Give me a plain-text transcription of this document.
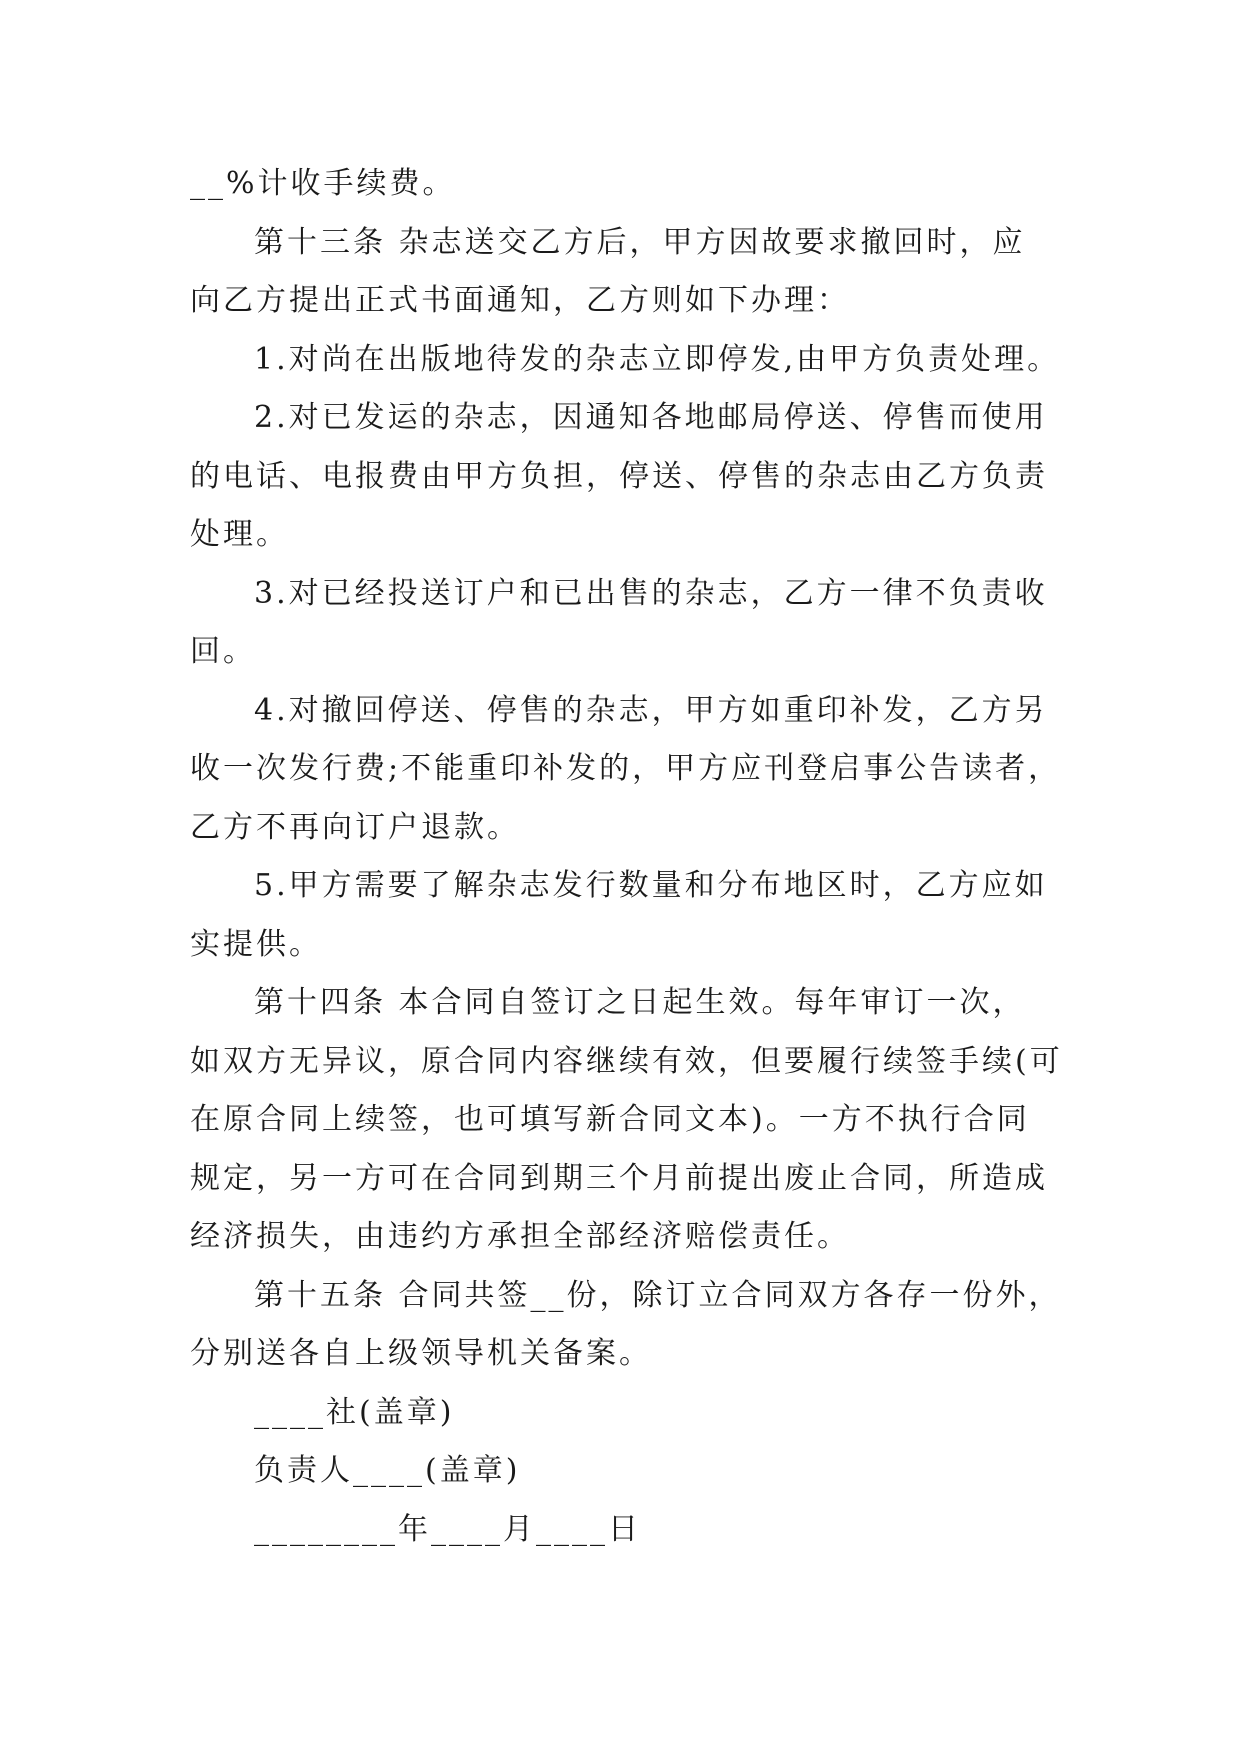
__%计收手续费。
第十三条 杂志送交乙方后，甲方因故要求撤回时，应
向乙方提出正式书面通知，乙方则如下办理：
1.对尚在出版地待发的杂志立即停发,由甲方负责处理。
2.对已发运的杂志，因通知各地邮局停送、停售而使用
的电话、电报费由甲方负担，停送、停售的杂志由乙方负责
处理。
3.对已经投送订户和已出售的杂志，乙方一律不负责收
回。
4.对撤回停送、停售的杂志，甲方如重印补发，乙方另
收一次发行费;不能重印补发的，甲方应刊登启事公告读者，
乙方不再向订户退款。
5.甲方需要了解杂志发行数量和分布地区时，乙方应如
实提供。
第十四条 本合同自签订之日起生效。每年审订一次，
如双方无异议，原合同内容继续有效，但要履行续签手续(可
在原合同上续签，也可填写新合同文本)。一方不执行合同
规定，另一方可在合同到期三个月前提出废止合同，所造成
经济损失，由违约方承担全部经济赔偿责任。
第十五条 合同共签__份，除订立合同双方各存一份外，
分别送各自上级领导机关备案。
____社(盖章)
负责人____(盖章)
________年____月____日
